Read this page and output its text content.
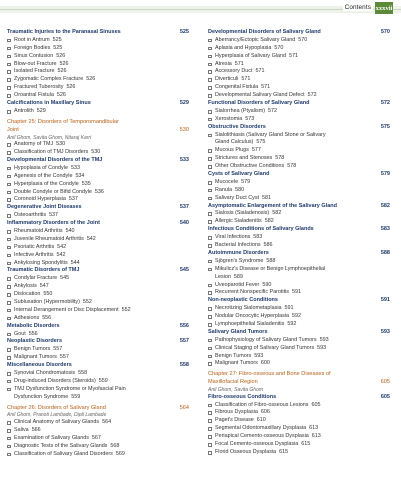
Contents xxxvii
Traumatic Injuries to the Paranasal Sinuses	525
Root in Antrum 525
Foreign Bodies 525
Sinus Contusion 526
Blow-out Fracture 526
Isolated Fracture 526
Zygomatic Complex Fracture 526
Fractured Tuberosity 526
Oroantral Fistula 526
Calcifications in Maxillary Sinus	529
Antrolith 529
Chapter 25: Disorders of Temporomandibular
Joint	530
Anil Ghom, Savita Ghom, Nitaraj Karri
Anatomy of TMJ 530
Classification of TMJ Disorders 530
Developmental Disorders of the TMJ	533
Hypoplasia of Condyle 533
Agenesis of the Condyle 534
Hyperplasia of the Condyle 535
Double Condyle or Bifid Condyle 536
Coronoid Hyperplasia 537
Degenerative Joint Diseases	537
Osteoarthritis 537
Inflammatory Disorders of the Joint	540
Rheumatoid Arthritis 540
Juvenile Rheumatoid Arthritis 542
Psoriatic Arthritis 542
Infective Arthritis 542
Ankylosing Spondylitis 544
Traumatic Disorders of TMJ	545
Condylar Fracture 545
Ankylosis 547
Dislocation 550
Subluxation (Hypermobility) 552
Internal Derangement or Disc Displacement 552
Adhesions 556
Metabolic Disorders	556
Gout 556
Neoplastic Disorders	557
Benign Tumors 557
Malignant Tumors 557
Miscellaneous Disorders	558
Synovial Chondromatosis 558
Drug-induced Disorders (Steroids) 559
TMJ Dysfunction Syndrome or Myofascial Pain
Dysfunction Syndrome 559
Chapter 26: Disorders of Salivary Gland	564
Anil Ghom, Pranoti Lambade, Dipti Lambade
Clinical Anatomy of Salivary Glands 564
Saliva 566
Examination of Salivary Glands 567
Diagnostic Tests of the Salivary Glands 568
Classification of Salivary Gland Disorders 569
Developmental Disorders of Salivary Gland	570
Aberrancy/Ectopic Salivary Gland 570
Aplasia and Hypoplasia 570
Hyperplasia of Salivary Gland 571
Atresia 571
Accessory Duct 571
Diverticuli 571
Congenital Fistula 571
Developmental Salivary Gland Defect 572
Functional Disorders of Salivary Gland	572
Sialorrhea (Ptyalism) 572
Xerostomia 573
Obstructive Disorders	575
Sialolithiasis (Salivary Gland Stone or Salivary
Gland Calculus) 575
Mucous Plugs 577
Strictures and Stenoses 578
Other Obstructive Conditions 578
Cysts of Salivary Gland	579
Mucocele 579
Ranula 580
Salivary Duct Cyst 581
Asymptomatic Enlargement of the Salivary Gland	582
Sialosis (Sialadenosis) 582
Allergic Sialadenitis 582
Infectious Conditions of Salivary Glands	583
Viral Infections 583
Bacterial Infections 586
Autoimmune Disorders	588
Sjögren's Syndrome 588
Mikulicz's Disease or Benign Lymphoepithelial
Lesion 589
Uveoparotid Fever 590
Recurrent Nonspecific Parotitis 591
Non-neoplastic Conditions	591
Necrotizing Sialometaplasia 591
Nodular Oncocytic Hyperplasia 592
Lymphoepithelial Sialadenitis 592
Salivary Gland Tumors	593
Pathophysiology of Salivary Gland Tumors 593
Clinical Staging of Salivary Gland Tumors 593
Benign Tumors 593
Malignant Tumors 600
Chapter 27: Fibro-osseous and Bone Diseases of
Maxillofacial Region	605
Anil Ghom, Savita Ghom
Fibro-osseous Conditions	605
Classification of Fibro-osseous Lesions 605
Fibrous Dysplasia 606
Paget's Disease 610
Segmental Odontomaxillary Dysplasia 613
Periapical Cemento-osseous Dysplasia 613
Focal Cemento-osseous Dysplasia 615
Florid Osseous Dysplasia 615
